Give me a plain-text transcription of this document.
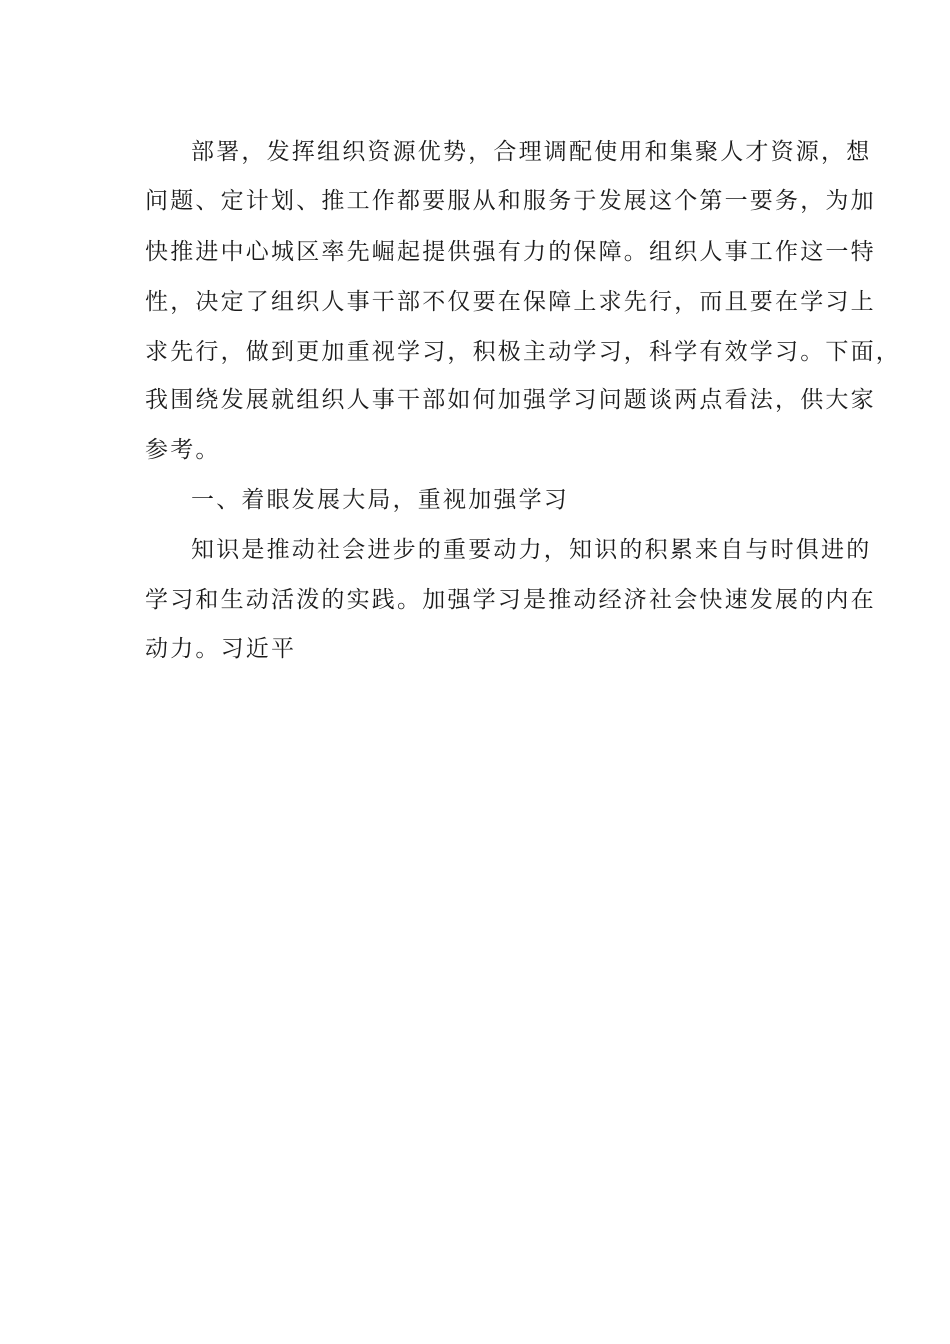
部署，发挥组织资源优势，合理调配使用和集聚人才资源，想
问题、定计划、推工作都要服从和服务于发展这个第一要务，为加
快推进中心城区率先崛起提供强有力的保障。组织人事工作这一特
性，决定了组织人事干部不仅要在保障上求先行，而且要在学习上
求先行，做到更加重视学习，积极主动学习，科学有效学习。下面，
我围绕发展就组织人事干部如何加强学习问题谈两点看法，供大家
参考。
一、着眼发展大局，重视加强学习
知识是推动社会进步的重要动力，知识的积累来自与时俱进的
学习和生动活泼的实践。加强学习是推动经济社会快速发展的内在
动力。习近平
